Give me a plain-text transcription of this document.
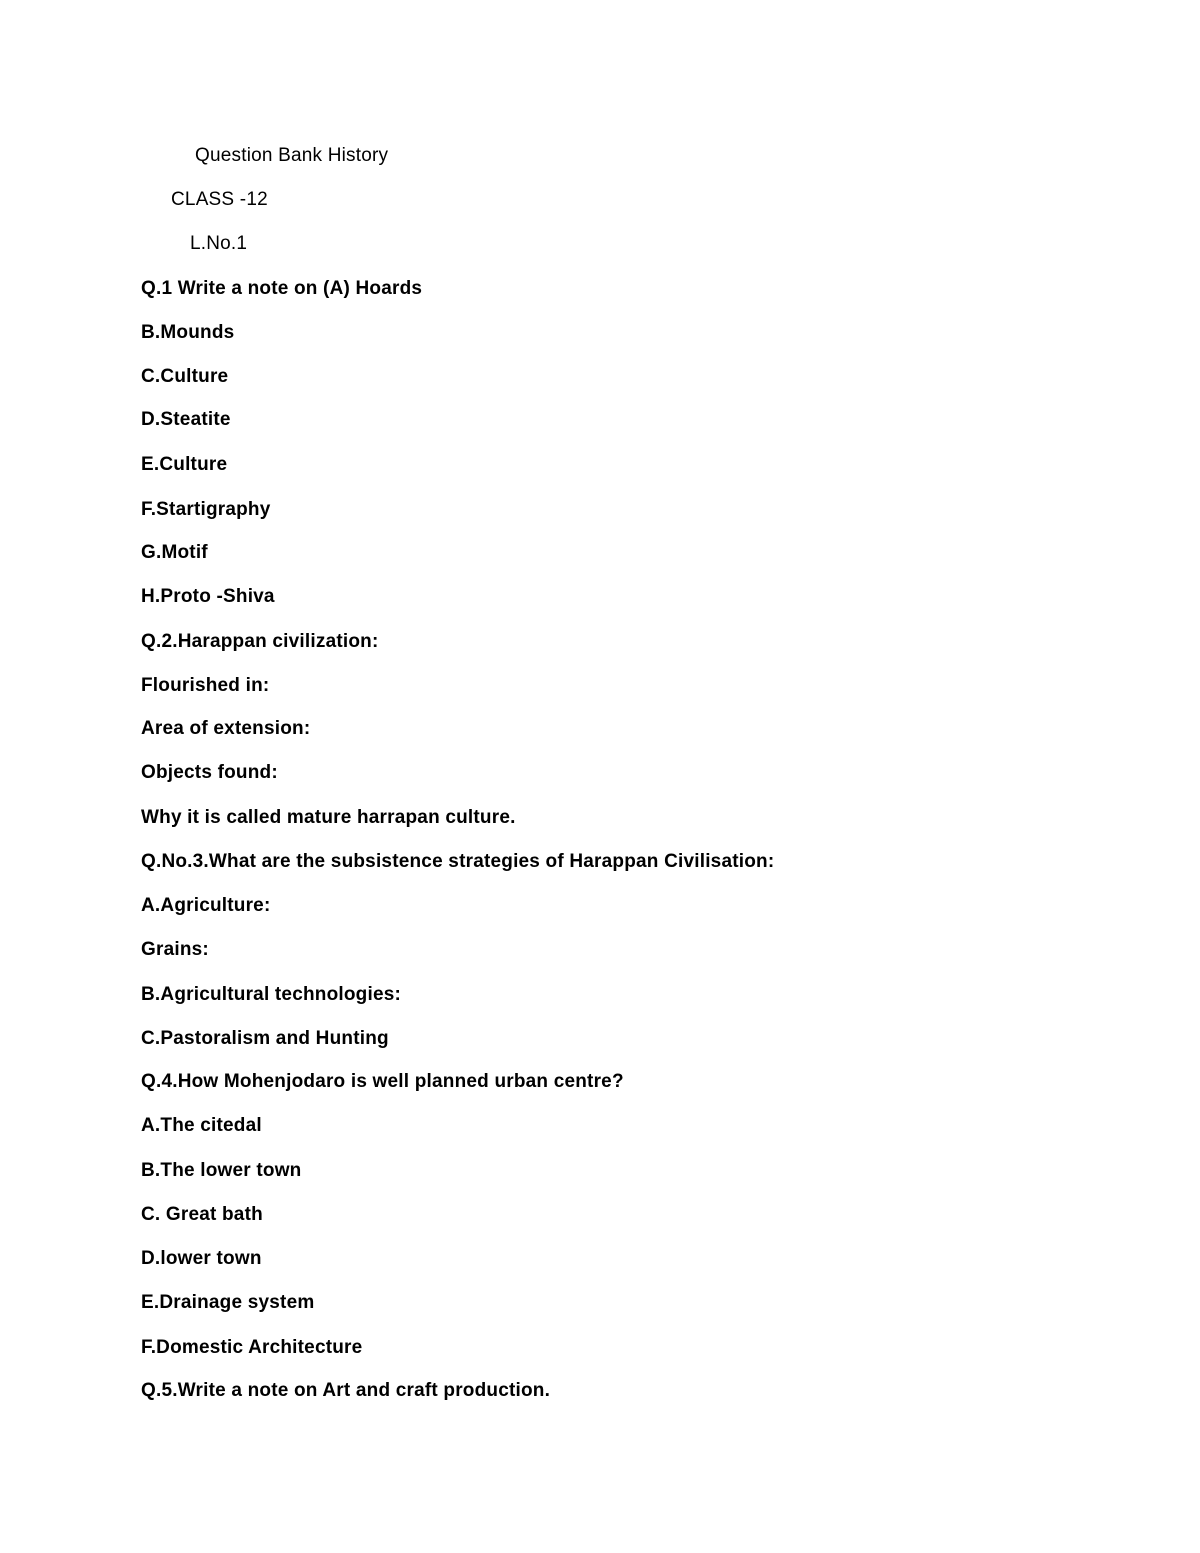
Question Bank History
CLASS -12
L.No.1
Q.1 Write a note on (A) Hoards
B.Mounds
C.Culture
D.Steatite
E.Culture
F.Startigraphy
G.Motif
H.Proto -Shiva
Q.2.Harappan civilization:
Flourished in:
Area of extension:
Objects found:
Why it is called mature harrapan culture.
Q.No.3.What are the subsistence strategies of Harappan Civilisation:
A.Agriculture:
Grains:
B.Agricultural technologies:
C.Pastoralism and Hunting
Q.4.How Mohenjodaro is well planned urban centre?
A.The citedal
B.The lower town
C. Great bath
D.lower town
E.Drainage system
F.Domestic Architecture
Q.5.Write a note on Art and craft production.
